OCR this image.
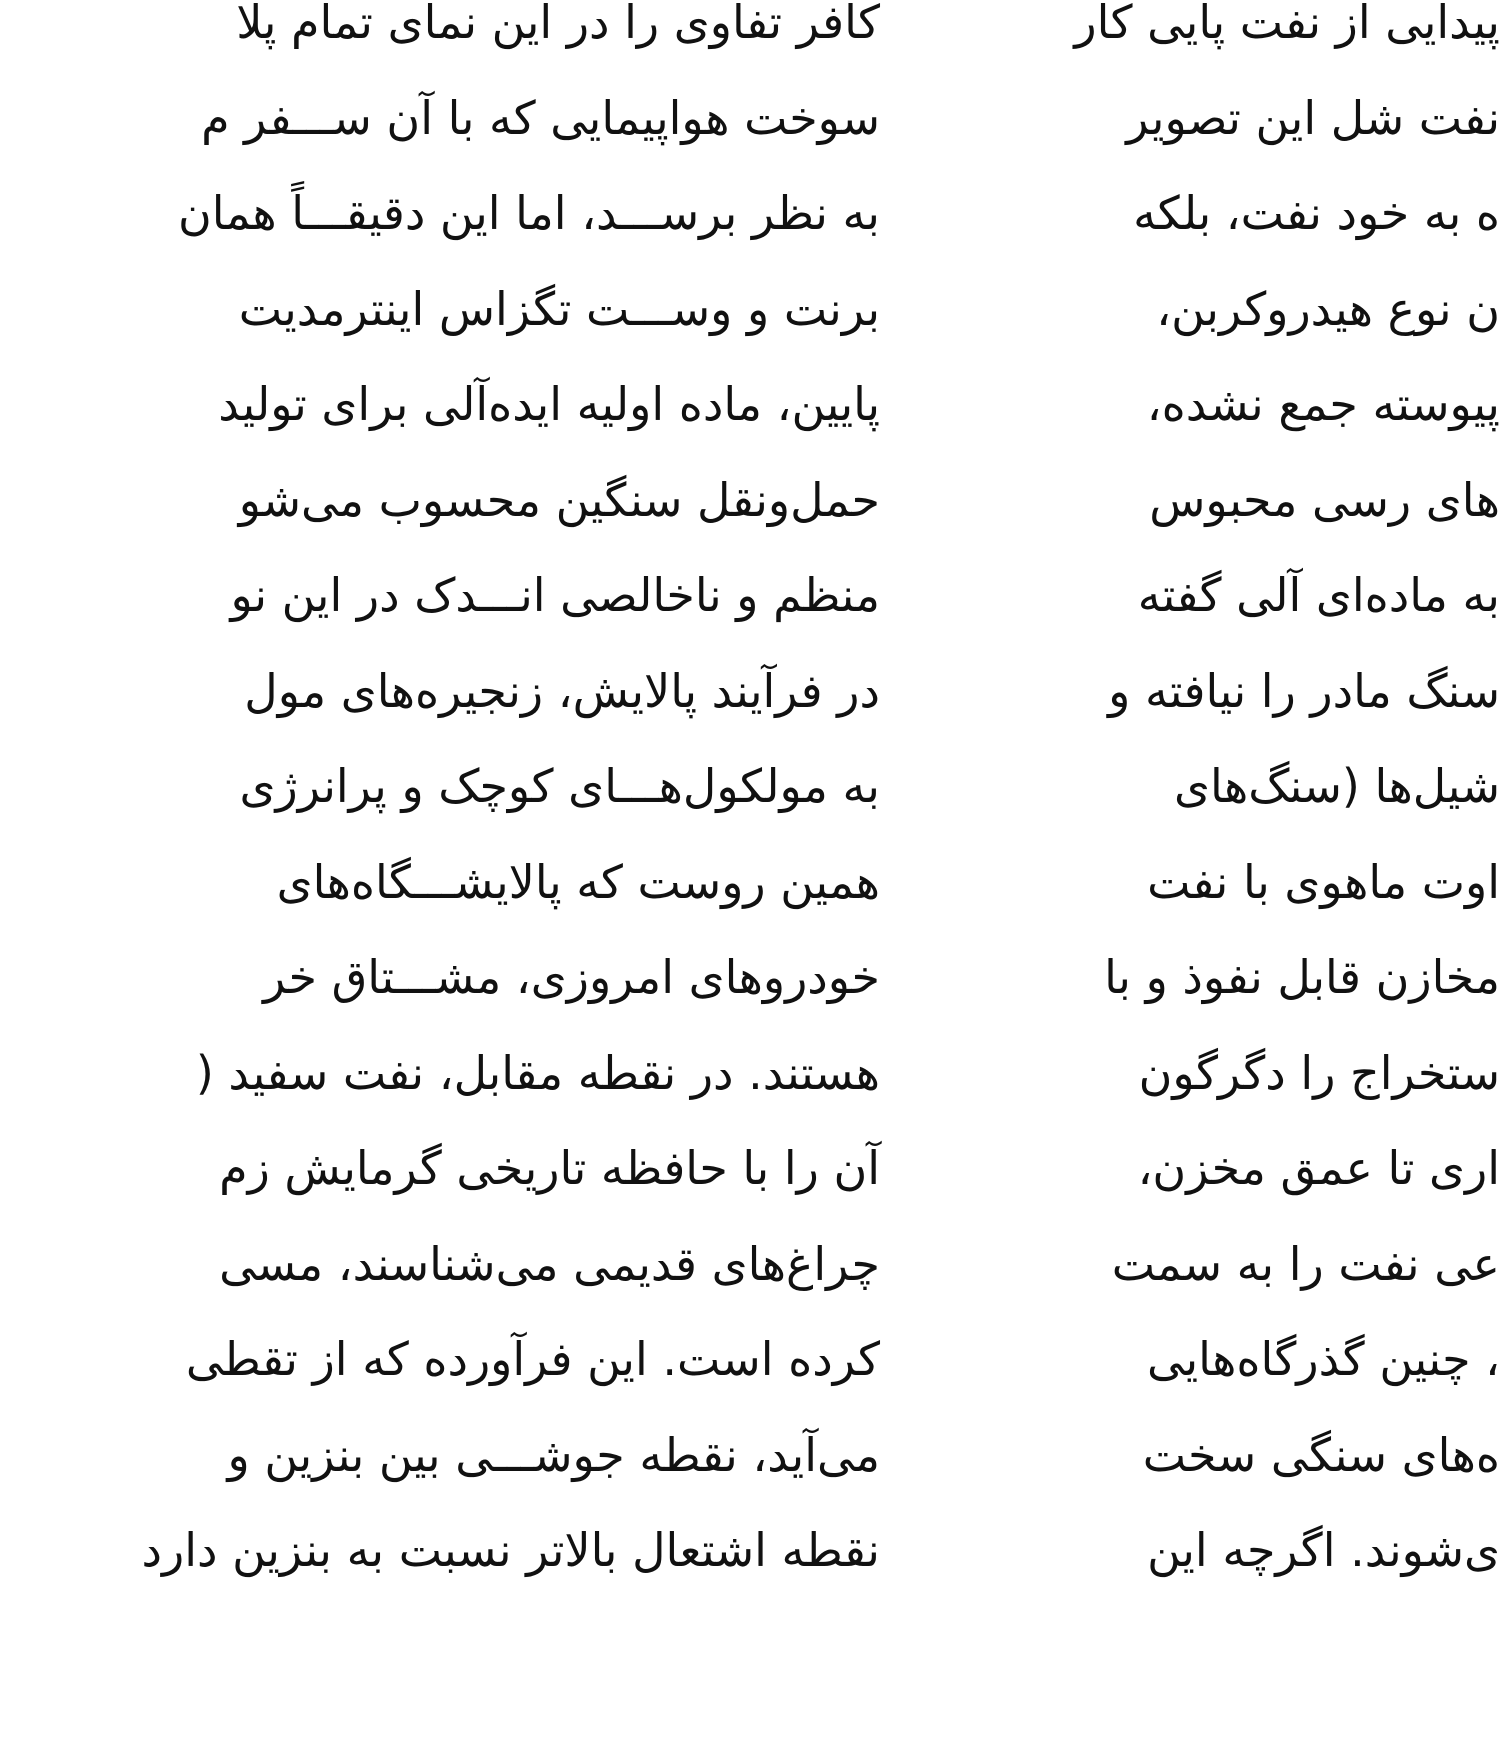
کافر تفاوی را در این نمای تمام پلا
سوخت هواپیمایی که با آن ســـفر م
به نظر برســـد، اما این دقیقـــاً همان
برنت و وســـت تگزاس اینترمدیت
پایین، ماده اولیه ایده‌آلی برای تولید
حمل‌ونقل سنگین محسوب می‌شو
منظم و ناخالصی انـــدک در این نو
در فرآیند پالایش، زنجیره‌های مول
به مولکول‌هـــای کوچک و پرانرژی
همین روست که پالایشـــگاه‌های
خودروهای امروزی، مشـــتاق خر
هستند. در نقطه مقابل، نفت سفید (
آن را با حافظه تاریخی گرمایش زم
چراغ‌های قدیمی می‌شناسند، مسی
کرده است. این فرآورده که از تقطی
می‌آید، نقطه جوشـــی بین بنزین و
نقطه اشتعال بالاتر نسبت به بنزین دارد
پیدایی از نفت پایی کار
نفت شل این تصویر
ه به خود نفت، بلکه
ن نوع هیدروکربن،
پیوسته جمع نشده،
‌های رسی محبوس
به ماده‌ای آلی گفته
سنگ مادر را نیافته و
شیل‌ها (سنگ‌های
اوت ماهوی با نفت
مخازن قابل نفوذ و با
ستخراج را دگرگون
اری تا عمق مخزن،
عی نفت را به سمت
، چنین گذرگاه‌هایی
ه‌های سنگی سخت
ی‌شوند. اگرچه این
